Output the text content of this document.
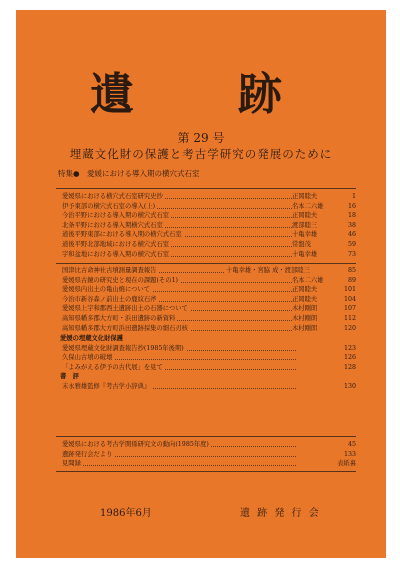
遺　跡
第 29 号
埋蔵文化財の保護と考古学研究の発展のために
特集●　愛媛における導入期の横穴式石室
愛媛県における横穴式石室研究史抄	正岡睦夫	1
伊予東部の横穴式石室の導入(上)	名本二六雄	16
今治平野における導入期の横穴式石室	正岡睦夫	18
北条平野における導入期横穴式石室	渡部睦三	38
道後平野東部における導入期の横穴式石室	十亀幸雄	46
道後平野北部地域における横穴式石室	常盤茂	59
宇和盆地における導入期の横穴式石室	十亀幸雄	73
国津比古命神社古墳測量調査報告	十亀幸雄・宮脇 成・渡部睦三	85
愛媛県古鏡の研究史と現在の課題(その1)	名本二六雄	89
愛媛県内出土の亀山焼について	正岡睦夫	101
今治市新谷森ノ前出土の鹿紋石斧	正岡睦夫	104
愛媛県上宇和郡西土遺跡出土の石器について	木村剛朗	107
高知県幡多郡大方町・浜田遺跡の新資料	木村剛朗	112
高知県幡多郡大方町浜田遺跡採集の細石刃核	木村剛朗	120
愛媛の埋蔵文化財保護
愛媛県埋蔵文化財調査報告抄(1985年後期)	123
久保山古墳の破壊	126
「よみがえる伊予の古代展」を見て	128
書　評
末永雅雄監修『考古学小辞典』	130
愛媛県における考古学関係研究文の動向(1985年度)	45
遺跡発行会だより	133
見聞録	表紙裏
1986年6月	遺 跡 発 行 会
